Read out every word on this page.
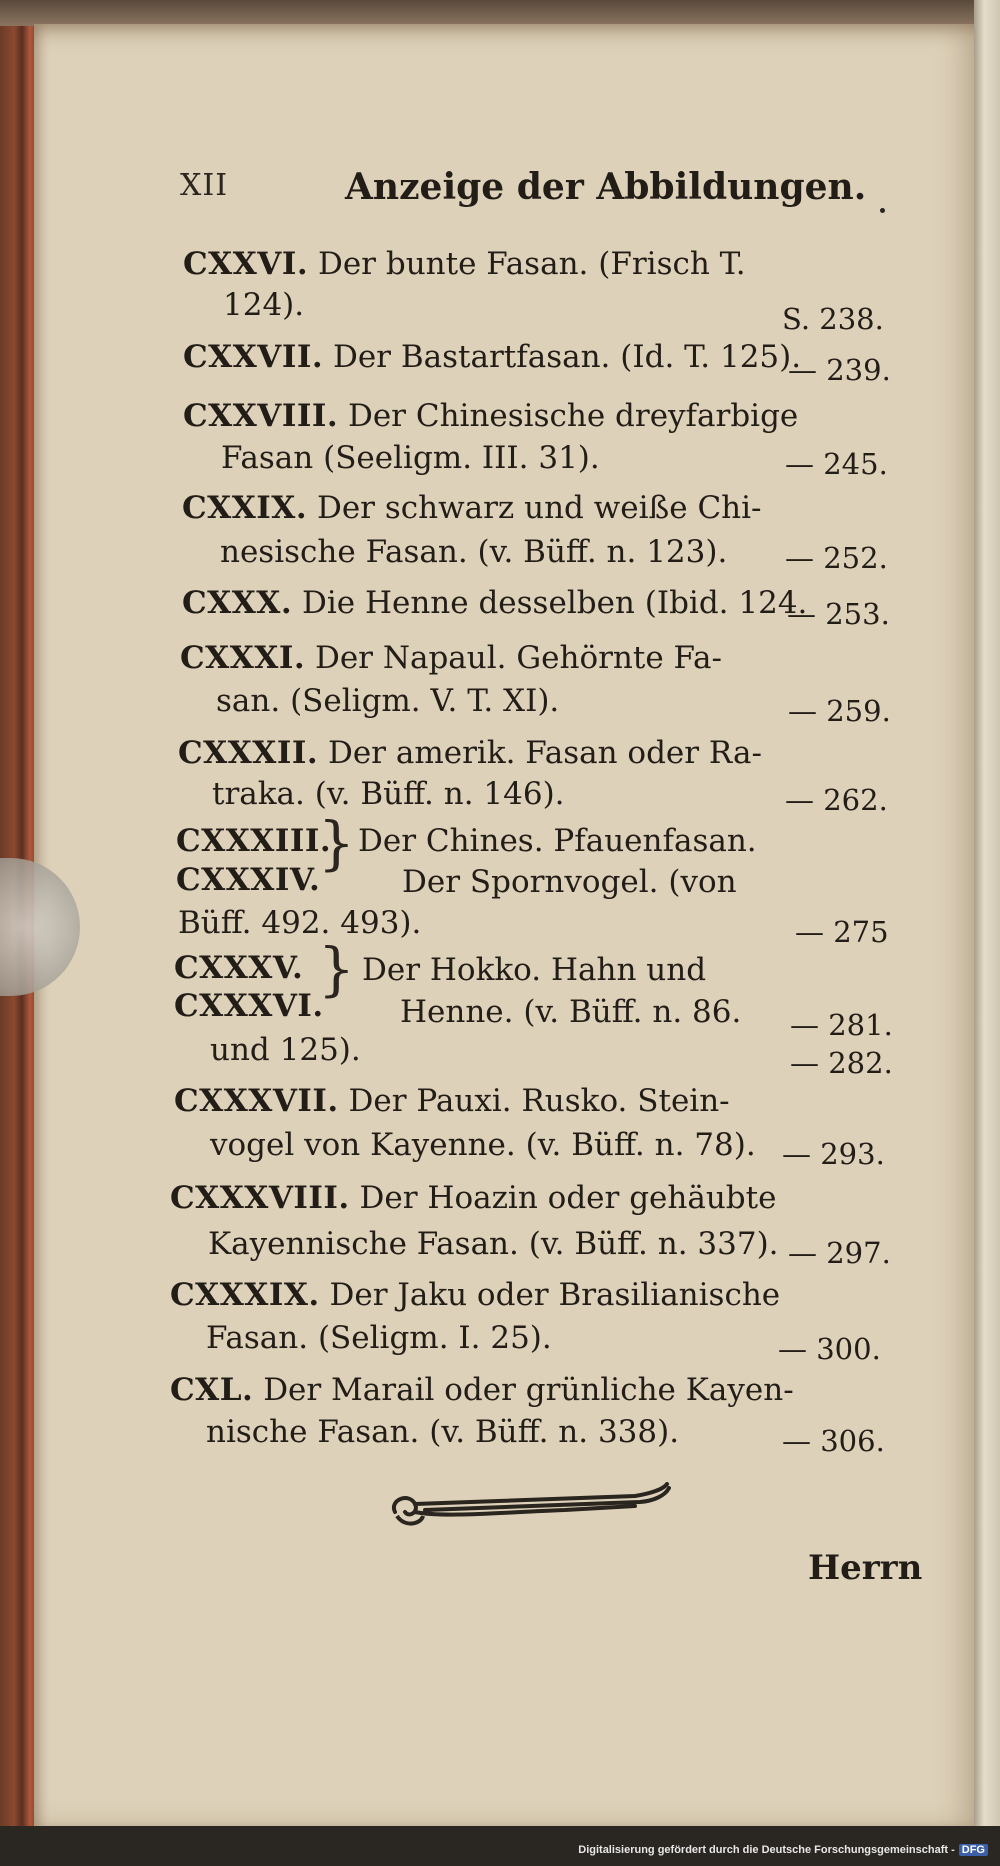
XII	Anzeige der Abbildungen.
CXXVI. Der bunte Fasan. (Frisch T.
124).	S. 238.
CXXVII. Der Bastartfasan. (Id. T. 125).
— 239.
CXXVIII. Der Chinesische dreyfarbige
Fasan (Seeligm. III. 31).	— 245.
CXXIX. Der schwarz und weiße Chi-
nesische Fasan. (v. Büff. n. 123). — 252.
CXXX. Die Henne desselben (Ibid. 124.
— 253.
CXXXI. Der Napaul. Gehörnte Fa-
san. (Seligm. V. T. XI).	— 259.
CXXXII. Der amerik. Fasan oder Ra-
traka. (v. Büff. n. 146).	— 262.
CXXXIII.
CXXXIV.
} Der Chines. Pfauenfasan.
Der Spornvogel. (von
Büff. 492. 493).	— 275
CXXXV.
CXXXVI.
} Der Hokko. Hahn und
Henne. (v. Büff. n. 86.
und 125).
— 281.
— 282.
CXXXVII. Der Pauxi. Rusko. Stein-
vogel von Kayenne. (v. Büff. n. 78). — 293.
CXXXVIII. Der Hoazin oder gehäubte
Kayennische Fasan. (v. Büff. n. 337). — 297.
CXXXIX. Der Jaku oder Brasilianische
Fasan. (Seligm. I. 25).	— 300.
CXL. Der Marail oder grünliche Kayen-
nische Fasan. (v. Büff. n. 338).	— 306.
Herrn
Digitalisierung gefördert durch die Deutsche Forschungsgemeinschaft - DFG
